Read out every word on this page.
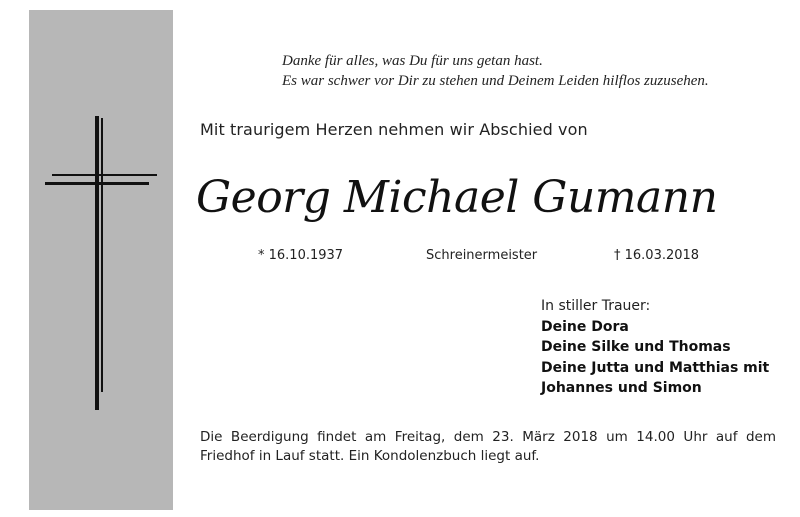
Danke für alles, was Du für uns getan hast.
Es war schwer vor Dir zu stehen und Deinem Leiden hilflos zuzusehen.
Mit traurigem Herzen nehmen wir Abschied von
Georg Michael Gumann
* 16.10.1937	Schreinermeister	† 16.03.2018
In stiller Trauer:
Deine Dora
Deine Silke und Thomas
Deine Jutta und Matthias mit
Johannes und Simon
Die Beerdigung findet am Freitag, dem 23. März 2018 um 14.00 Uhr auf dem
Friedhof in Lauf statt. Ein Kondolenzbuch liegt auf.
